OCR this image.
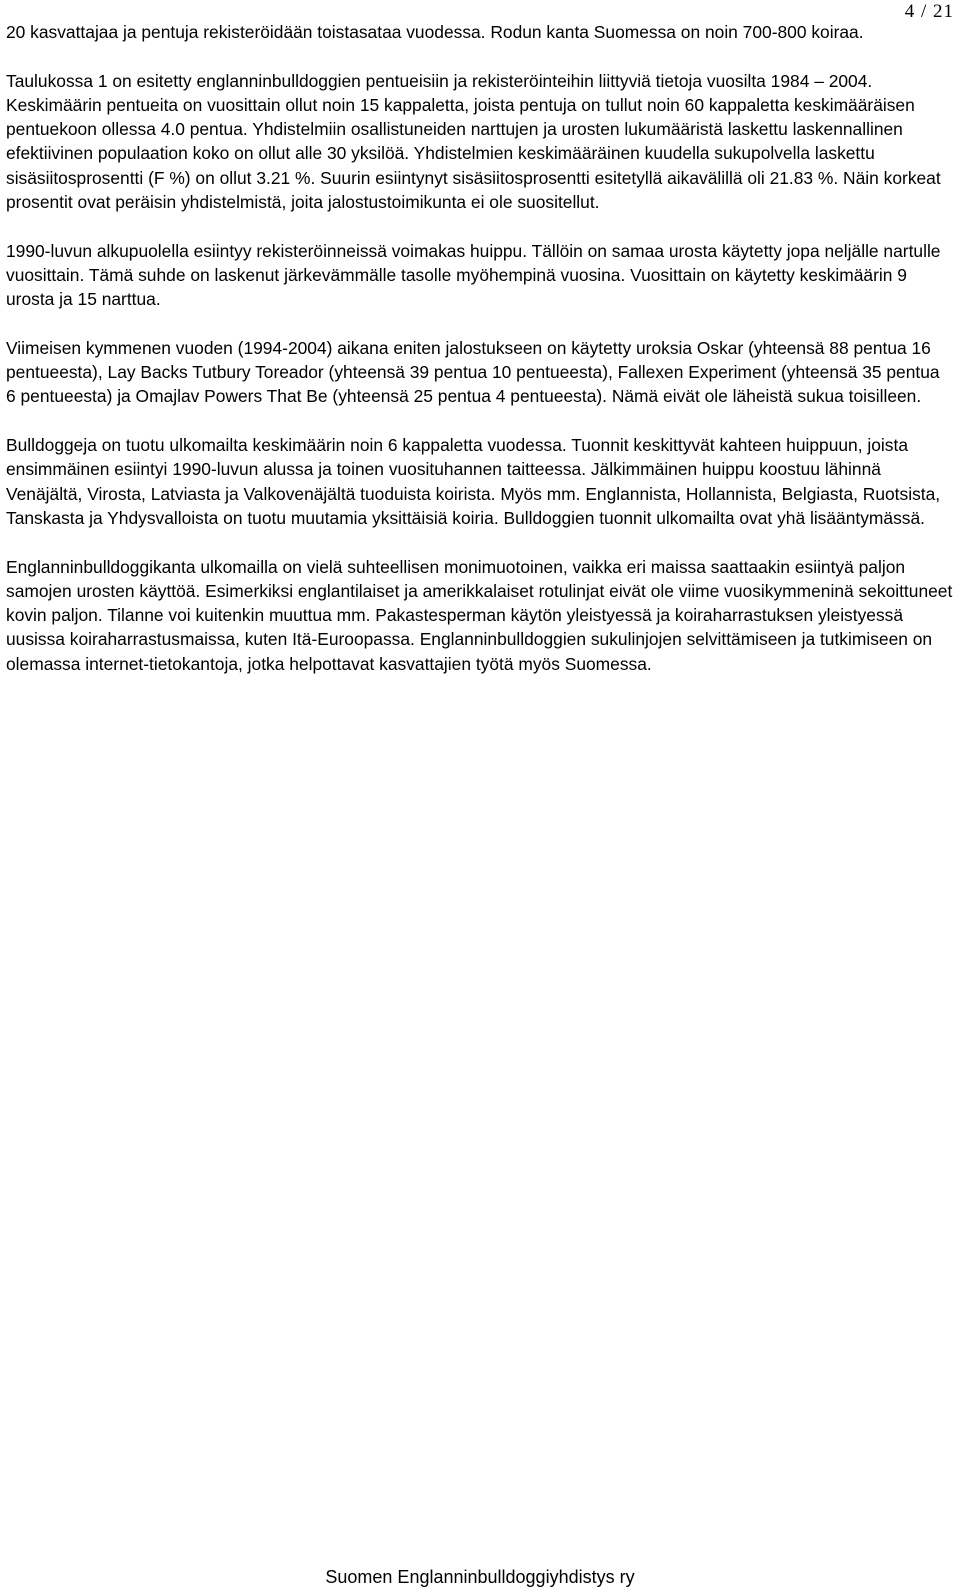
4 / 21

20 kasvattajaa ja pentuja rekisteröidään toistasataa vuodessa. Rodun kanta Suomessa on noin 700-800 koiraa.

Taulukossa 1 on esitetty englanninbulldoggien pentueisiin ja rekisteröinteihin liittyviä tietoja vuosilta 1984 – 2004. Keskimäärin pentueita on vuosittain ollut noin 15 kappaletta, joista pentuja on tullut noin 60 kappaletta keskimääräisen pentuekoon ollessa 4.0 pentua. Yhdistelmiin osallistuneiden narttujen ja urosten lukumääristä laskettu laskennallinen efektiivinen populaation koko on ollut alle 30 yksilöä. Yhdistelmien keskimääräinen kuudella sukupolvella laskettu sisäsiitosprosentti (F %) on ollut 3.21 %. Suurin esiintynyt sisäsiitosprosentti esitetyllä aikavälillä oli 21.83 %. Näin korkeat prosentit ovat peräisin yhdistelmistä, joita jalostustoimikunta ei ole suositellut.

1990-luvun alkupuolella esiintyy rekisteröinneissä voimakas huippu. Tällöin on samaa urosta käytetty jopa neljälle nartulle vuosittain. Tämä suhde on laskenut järkevämmälle tasolle myöhempinä vuosina. Vuosittain on käytetty keskimäärin 9 urosta ja 15 narttua.

Viimeisen kymmenen vuoden (1994-2004) aikana eniten jalostukseen on käytetty uroksia Oskar (yhteensä 88 pentua 16 pentueesta), Lay Backs Tutbury Toreador (yhteensä 39 pentua 10 pentueesta), Fallexen Experiment (yhteensä 35 pentua 6 pentueesta) ja Omajlav Powers That Be (yhteensä 25 pentua 4 pentueesta). Nämä eivät ole läheistä sukua toisilleen.

Bulldoggeja on tuotu ulkomailta keskimäärin noin 6 kappaletta vuodessa. Tuonnit keskittyvät kahteen huippuun, joista ensimmäinen esiintyi 1990-luvun alussa ja toinen vuosituhannen taitteessa. Jälkimmäinen huippu koostuu lähinnä Venäjältä, Virosta, Latviasta ja Valkovenäjältä tuoduista koirista. Myös mm. Englannista, Hollannista, Belgiasta, Ruotsista, Tanskasta ja Yhdysvalloista on tuotu muutamia yksittäisiä koiria. Bulldoggien tuonnit ulkomailta ovat yhä lisääntymässä.

Englanninbulldoggikanta ulkomailla on vielä suhteellisen monimuotoinen, vaikka eri maissa saattaakin esiintyä paljon samojen urosten käyttöä. Esimerkiksi englantilaiset ja amerikkalaiset rotulinjat eivät ole viime vuosikymmeninä sekoittuneet kovin paljon. Tilanne voi kuitenkin muuttua mm. Pakastesperman käytön yleistyessä ja koiraharrastuksen yleistyessä uusissa koiraharrastusmaissa, kuten Itä-Euroopassa. Englanninbulldoggien sukulinjojen selvittämiseen ja tutkimiseen on olemassa internet-tietokantoja, jotka helpottavat kasvattajien työtä myös Suomessa.

Suomen Englanninbulldoggiyhdistys ry
